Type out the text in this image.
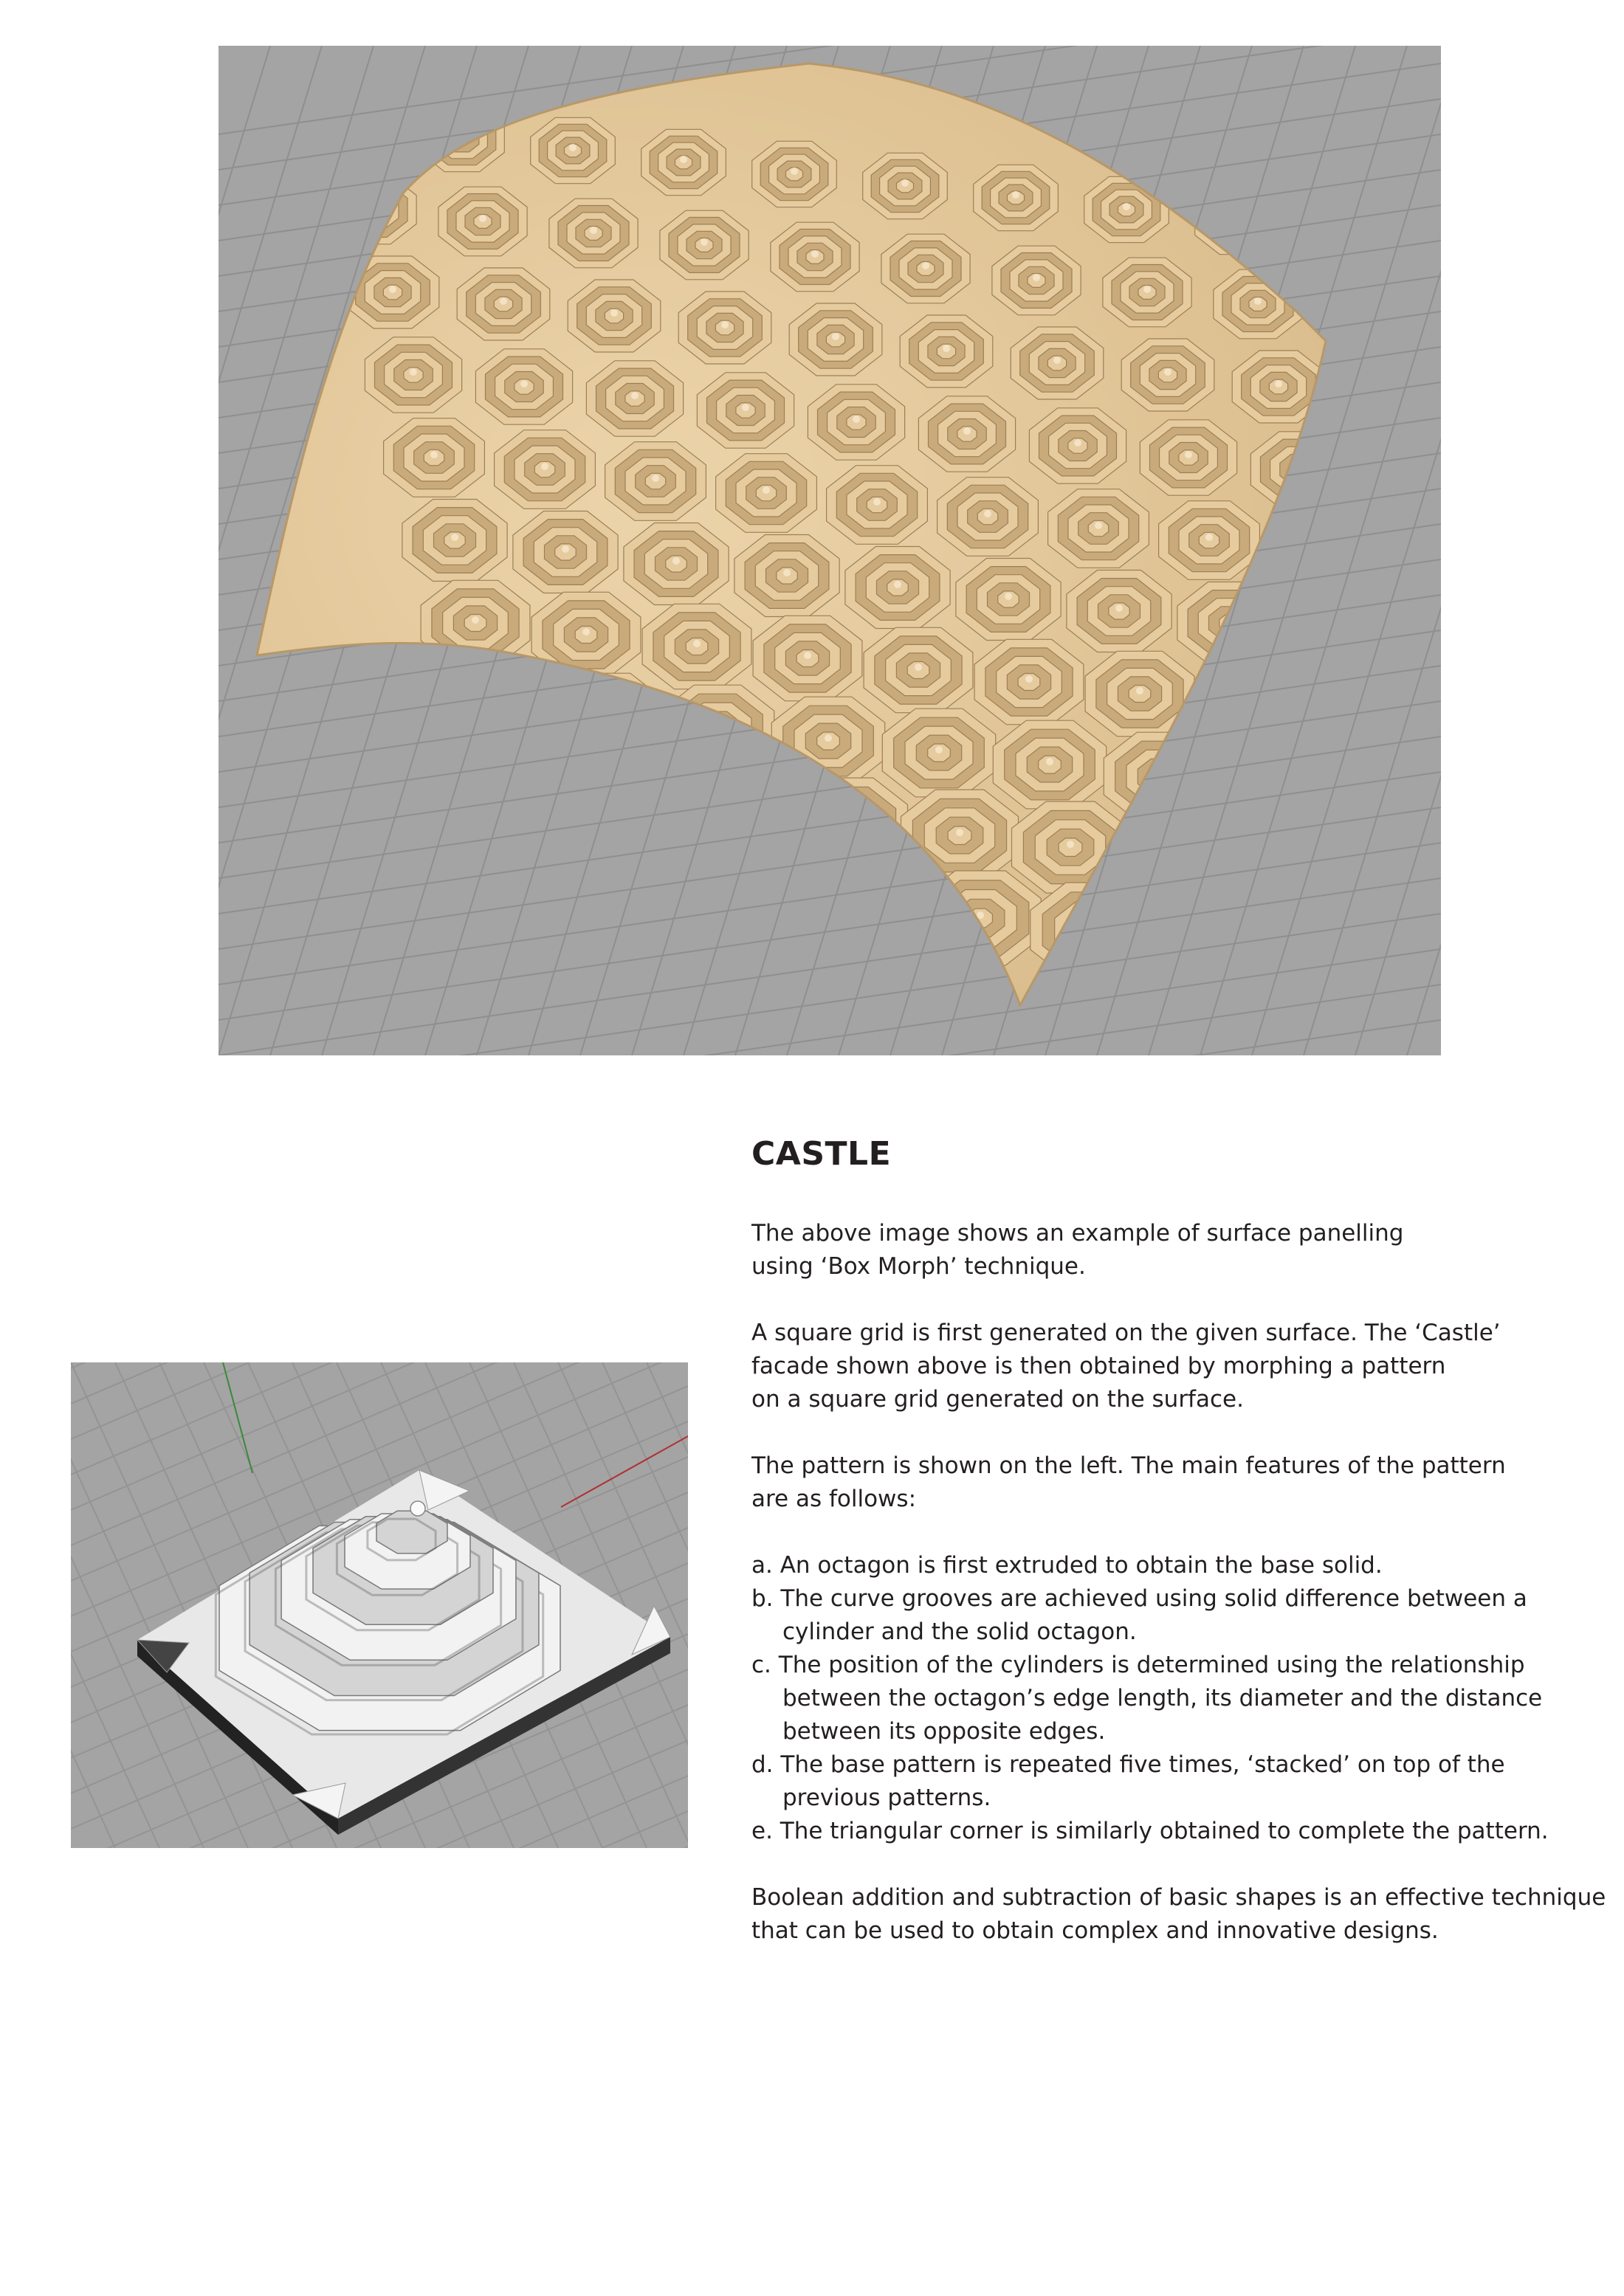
CASTLE

The above image shows an example of surface panelling
using ‘Box Morph’ technique.

A square grid is first generated on the given surface. The ‘Castle’
facade shown above is then obtained by morphing a pattern
on a square grid generated on the surface.

The pattern is shown on the left. The main features of the pattern
are as follows:

a. An octagon is first extruded to obtain the base solid.
b. The curve grooves are achieved using solid difference between a cylinder and the solid octagon.
c. The position of the cylinders is determined using the relationship between the octagon’s edge length, its diameter and the distance between its opposite edges.
d. The base pattern is repeated five times, ‘stacked’ on top of the previous patterns.
e. The triangular corner is similarly obtained to complete the pattern.

Boolean addition and subtraction of basic shapes is an effective technique
that can be used to obtain complex and innovative designs.
